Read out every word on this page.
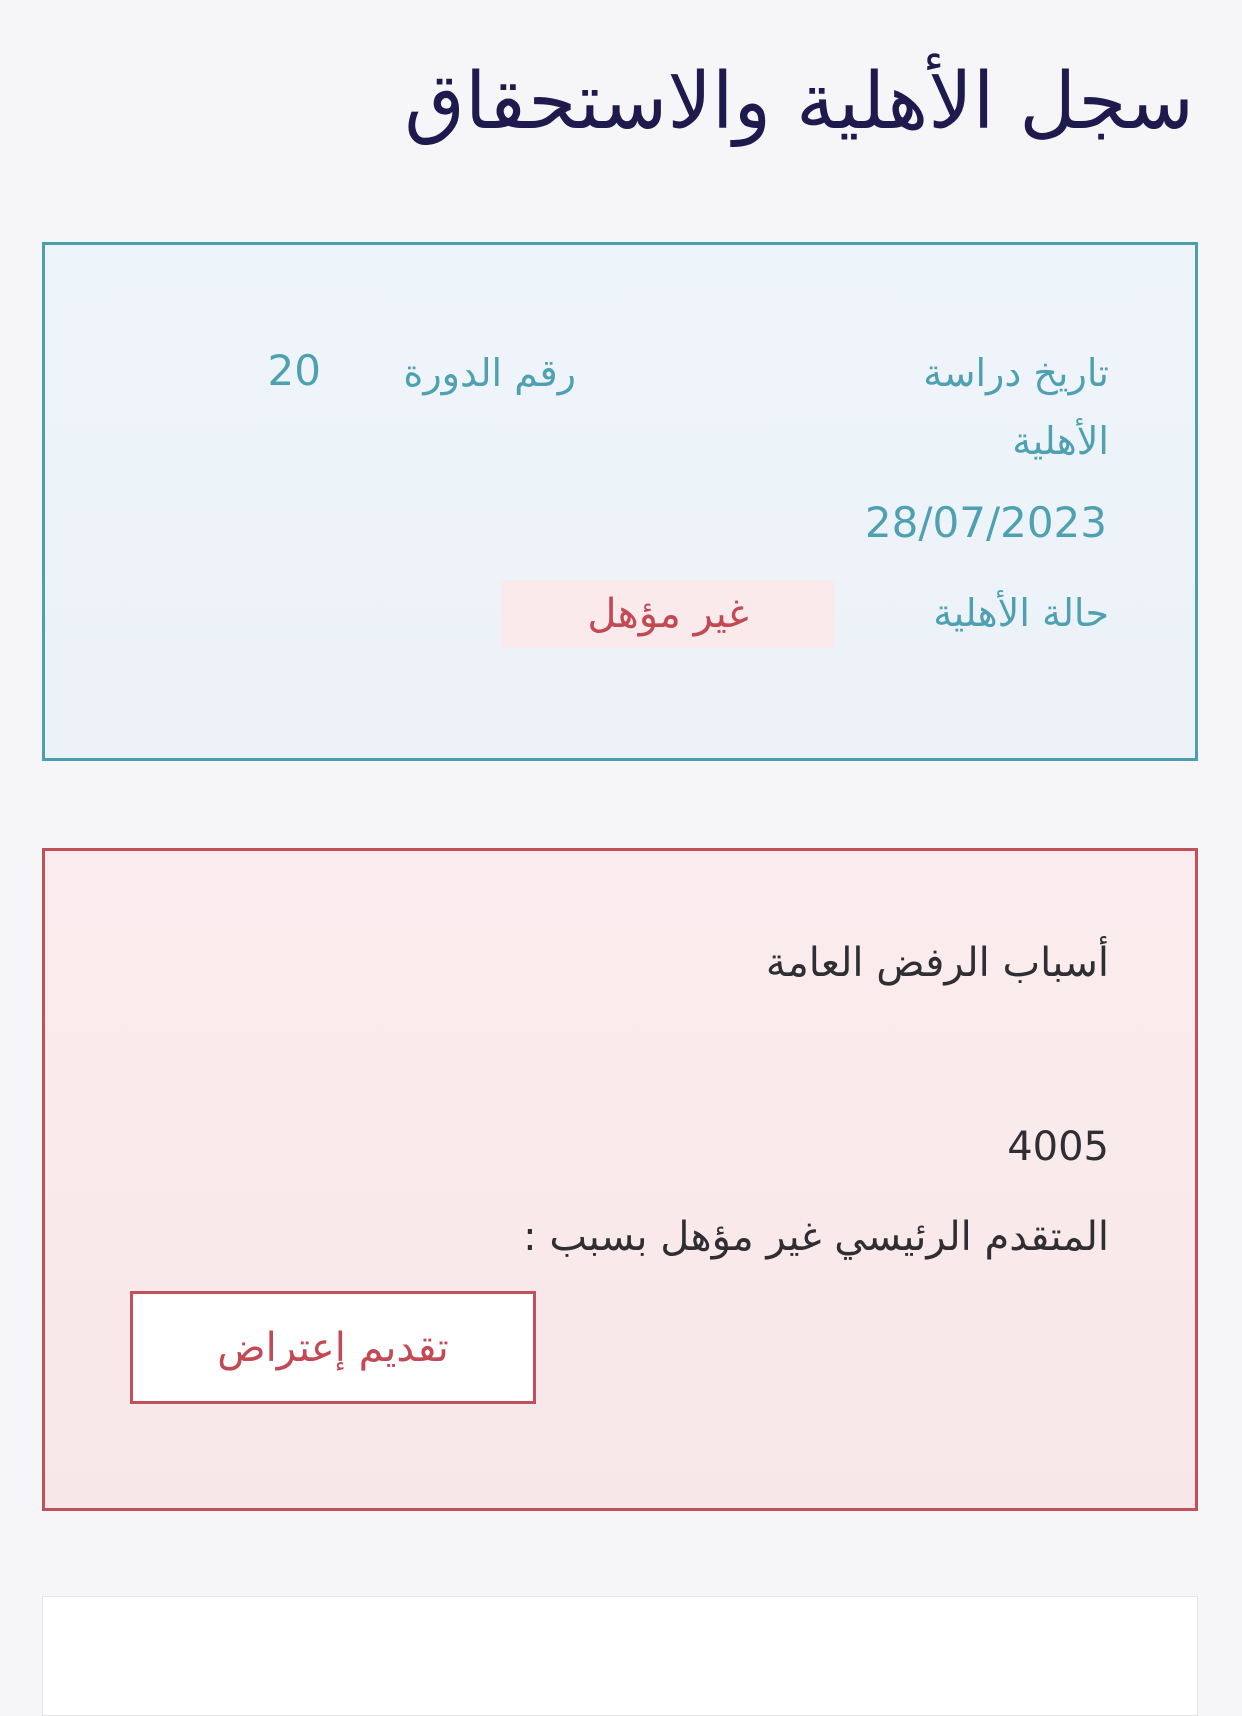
سجل الأهلية والاستحقاق
تاريخ دراسة
الأهلية
28/07/2023
رقم الدورة
20
حالة الأهلية
غير مؤهل
أسباب الرفض العامة
4005
المتقدم الرئيسي غير مؤهل بسبب :
تقديم إعتراض
